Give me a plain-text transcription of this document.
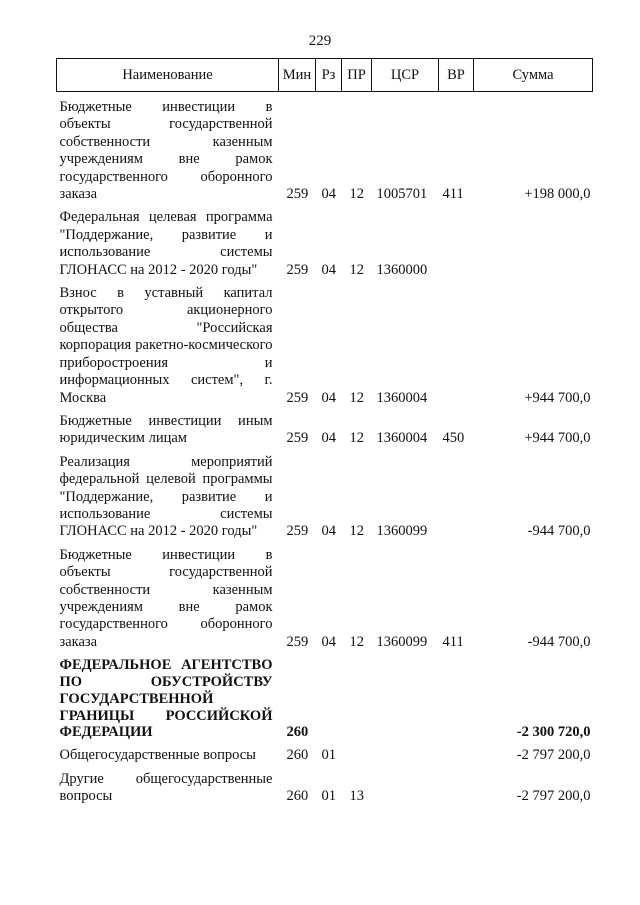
229
Наименование	Мин	Рз	ПР	ЦСР	ВР	Сумма
Бюджетные инвестиции в объекты государственной собственности казенным учреждениям вне рамок государственного оборонного заказа	259	04	12	1005701	411	+198 000,0
Федеральная целевая программа "Поддержание, развитие и использование системы ГЛОНАСС на 2012 - 2020 годы"	259	04	12	1360000		
Взнос в уставный капитал открытого акционерного общества "Российская корпорация ракетно-космического приборостроения и информационных систем", г. Москва	259	04	12	1360004		+944 700,0
Бюджетные инвестиции иным юридическим лицам	259	04	12	1360004	450	+944 700,0
Реализация мероприятий федеральной целевой программы "Поддержание, развитие и использование системы ГЛОНАСС на 2012 - 2020 годы"	259	04	12	1360099		-944 700,0
Бюджетные инвестиции в объекты государственной собственности казенным учреждениям вне рамок государственного оборонного заказа	259	04	12	1360099	411	-944 700,0
ФЕДЕРАЛЬНОЕ АГЕНТСТВО ПО ОБУСТРОЙСТВУ ГОСУДАРСТВЕННОЙ ГРАНИЦЫ РОССИЙСКОЙ ФЕДЕРАЦИИ	260					-2 300 720,0
Общегосударственные вопросы	260	01				-2 797 200,0
Другие общегосударственные вопросы	260	01	13			-2 797 200,0
